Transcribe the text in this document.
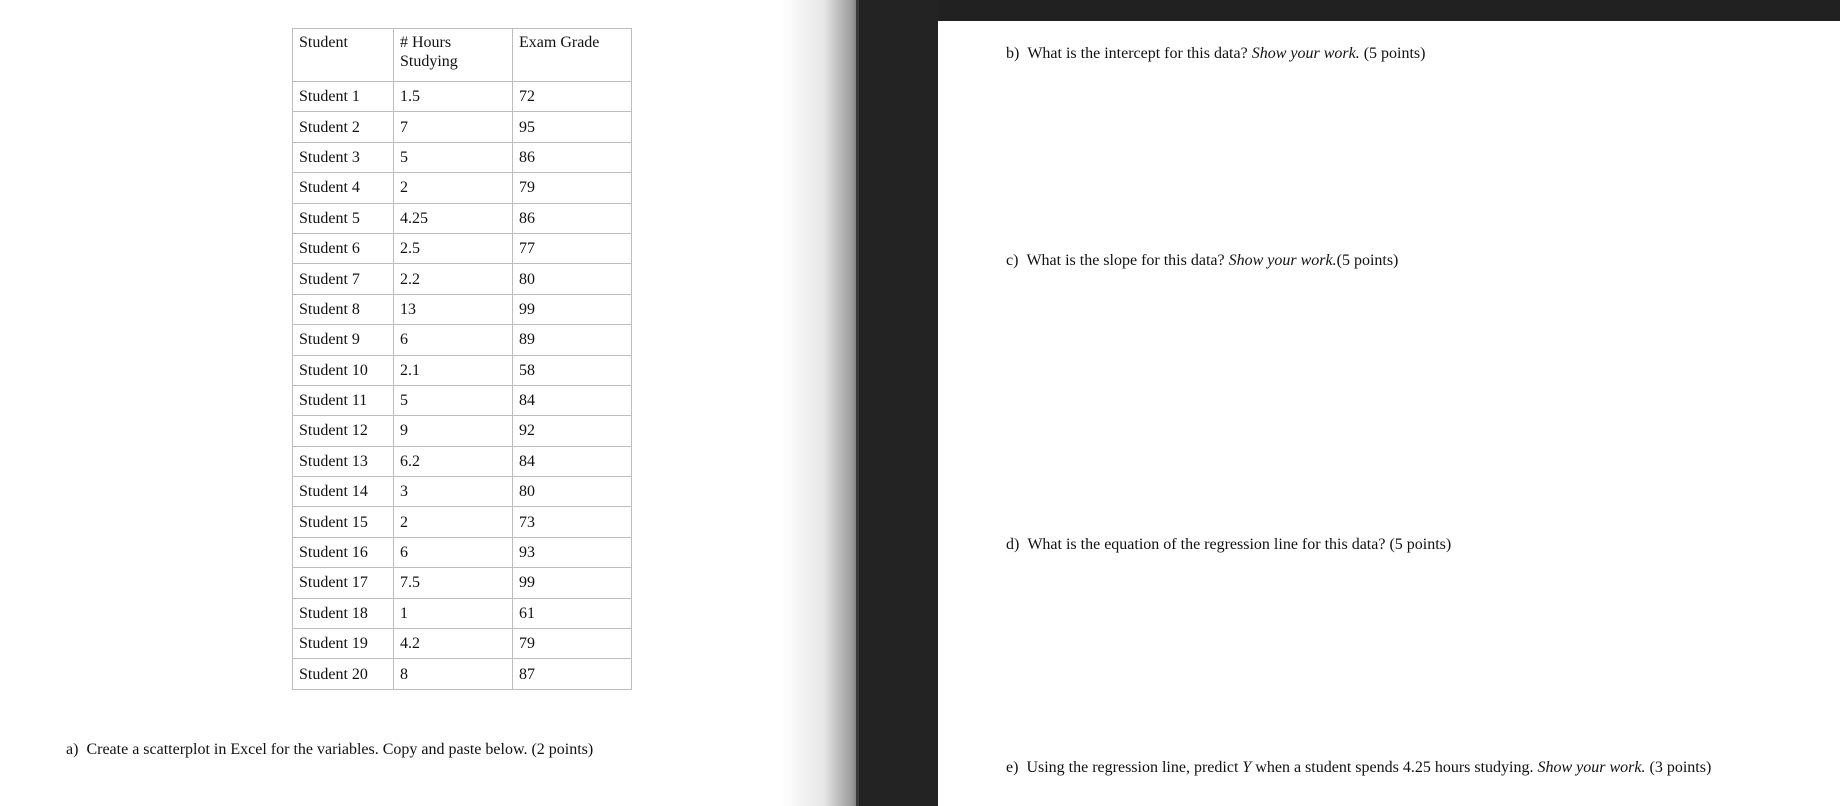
Student	# Hours Studying	Exam Grade
Student 1	1.5	72
Student 2	7	95
Student 3	5	86
Student 4	2	79
Student 5	4.25	86
Student 6	2.5	77
Student 7	2.2	80
Student 8	13	99
Student 9	6	89
Student 10	2.1	58
Student 11	5	84
Student 12	9	92
Student 13	6.2	84
Student 14	3	80
Student 15	2	73
Student 16	6	93
Student 17	7.5	99
Student 18	1	61
Student 19	4.2	79
Student 20	8	87
a) Create a scatterplot in Excel for the variables. Copy and paste below. (2 points)
b) What is the intercept for this data? Show your work. (5 points)
c) What is the slope for this data? Show your work.(5 points)
d) What is the equation of the regression line for this data? (5 points)
e) Using the regression line, predict Y when a student spends 4.25 hours studying. Show your work. (3 points)
